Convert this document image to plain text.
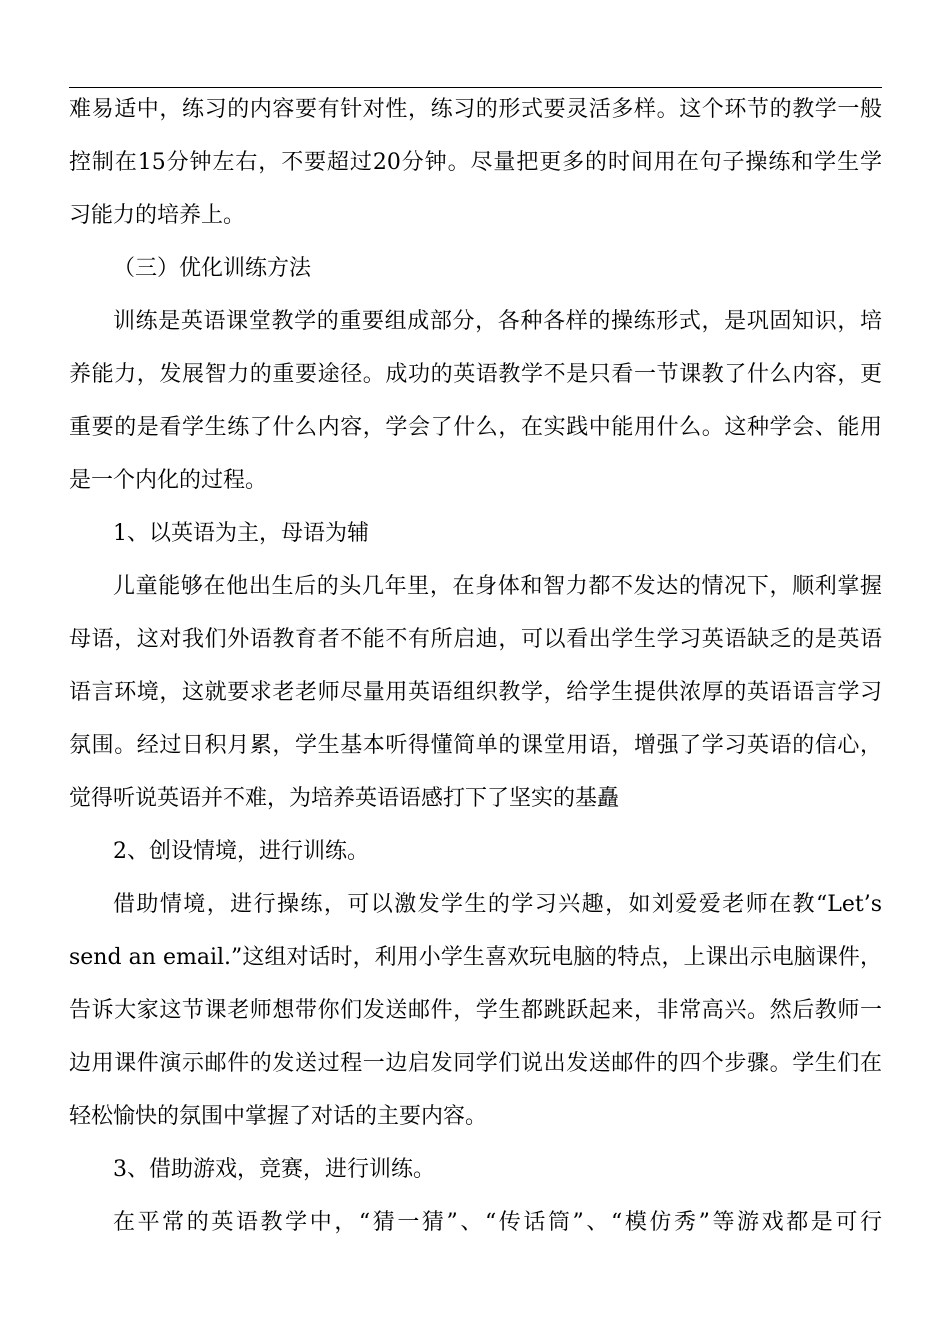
难易适中，练习的内容要有针对性，练习的形式要灵活多样。这个环节的教学一般
控制在15分钟左右，不要超过20分钟。尽量把更多的时间用在句子操练和学生学
习能力的培养上。
（三）优化训练方法
训练是英语课堂教学的重要组成部分，各种各样的操练形式，是巩固知识，培
养能力，发展智力的重要途径。成功的英语教学不是只看一节课教了什么内容，更
重要的是看学生练了什么内容，学会了什么，在实践中能用什么。这种学会、能用
是一个内化的过程。
1、以英语为主，母语为辅
儿童能够在他出生后的头几年里，在身体和智力都不发达的情况下，顺利掌握
母语，这对我们外语教育者不能不有所启迪，可以看出学生学习英语缺乏的是英语
语言环境，这就要求老老师尽量用英语组织教学，给学生提供浓厚的英语语言学习
氛围。经过日积月累，学生基本听得懂简单的课堂用语，增强了学习英语的信心，
觉得听说英语并不难，为培养英语语感打下了坚实的基矗
2、创设情境，进行训练。
借助情境，进行操练，可以激发学生的学习兴趣，如刘爱爱老师在教“Let’s
send an email.”这组对话时，利用小学生喜欢玩电脑的特点，上课出示电脑课件，
告诉大家这节课老师想带你们发送邮件，学生都跳跃起来，非常高兴。然后教师一
边用课件演示邮件的发送过程一边启发同学们说出发送邮件的四个步骤。学生们在
轻松愉快的氛围中掌握了对话的主要内容。
3、借助游戏，竞赛，进行训练。
在平常的英语教学中，“猜一猜”、“传话筒”、“模仿秀”等游戏都是可行
